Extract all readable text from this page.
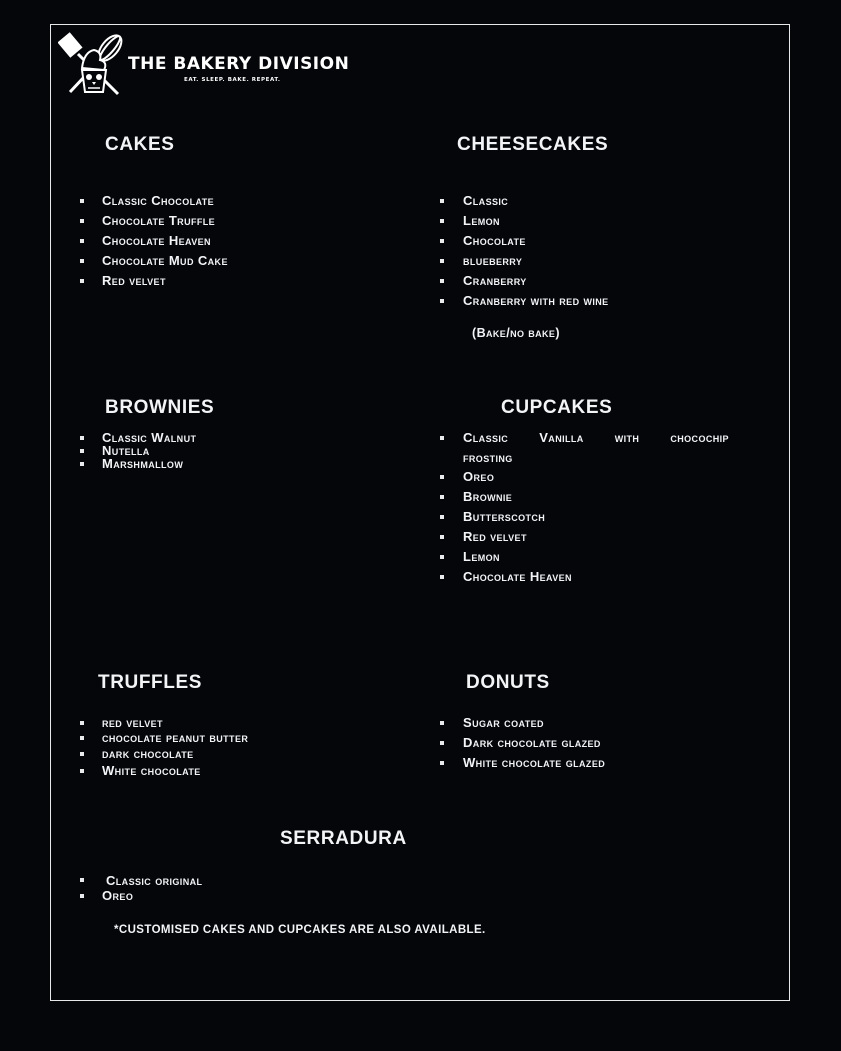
THE BAKERY DIVISION
EAT. SLEEP. BAKE. REPEAT.
CAKES
Classic Chocolate
Chocolate Truffle
Chocolate Heaven
Chocolate Mud Cake
Red velvet
CHEESECAKES
Classic
Lemon
Chocolate
blueberry
Cranberry
Cranberry with red wine
(Bake/no bake)
BROWNIES
Classic Walnut
Nutella
Marshmallow
CUPCAKES
Classic Vanilla with chocochip
frosting
Oreo
Brownie
Butterscotch
Red velvet
Lemon
Chocolate Heaven
TRUFFLES
red velvet
chocolate peanut butter
dark chocolate
White chocolate
DONUTS
Sugar coated
Dark chocolate glazed
White chocolate glazed
SERRADURA
Classic original
Oreo
*CUSTOMISED CAKES AND CUPCAKES ARE ALSO AVAILABLE.
